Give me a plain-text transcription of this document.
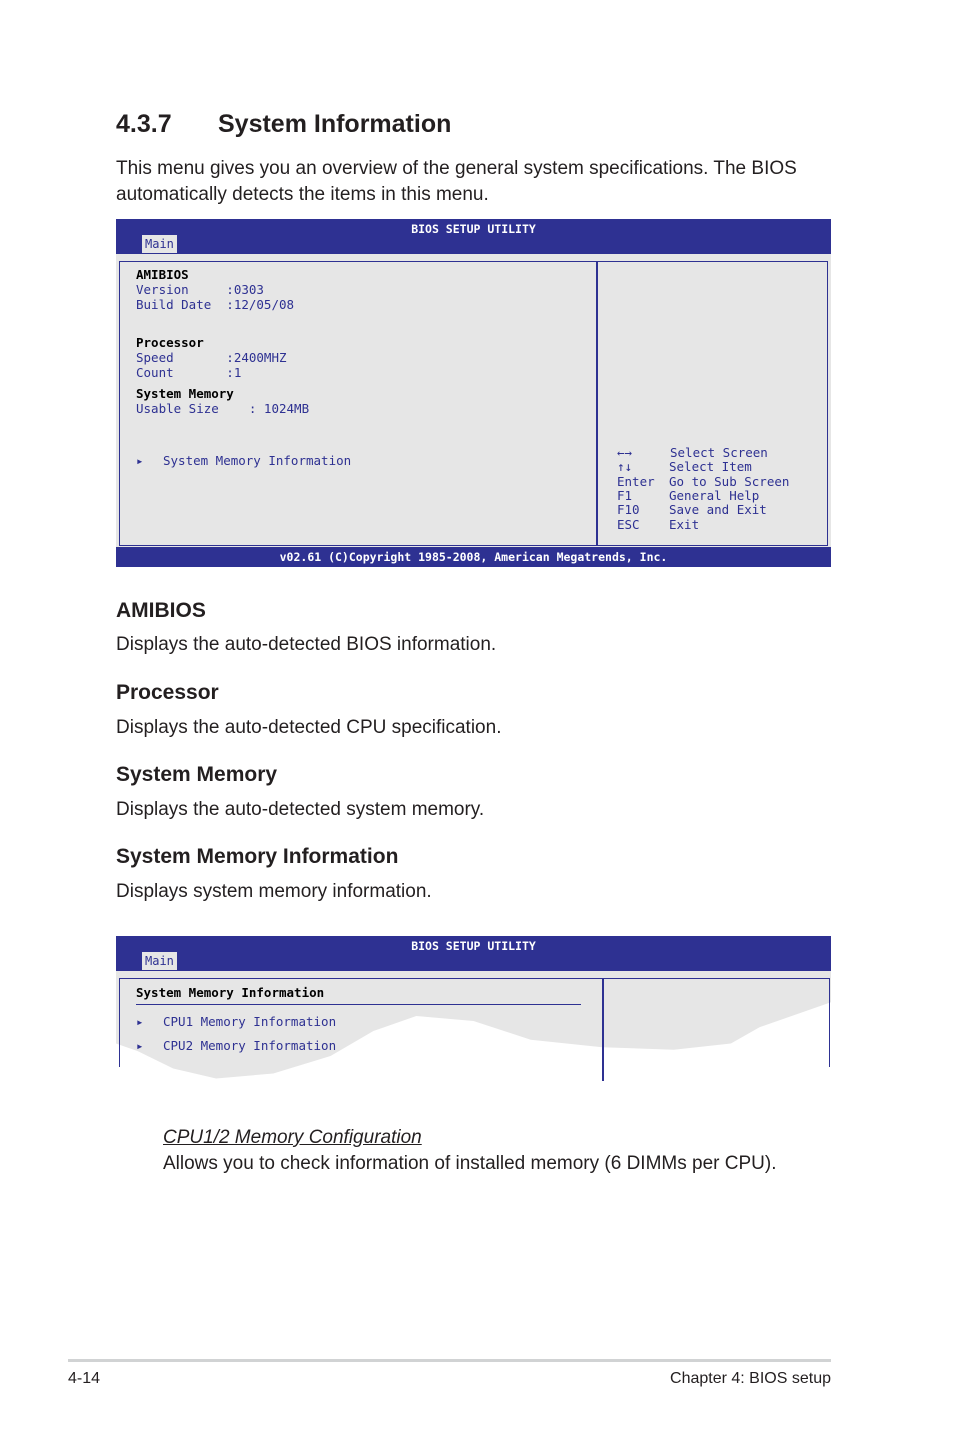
4.3.7 System Information

This menu gives you an overview of the general system specifications. The BIOS automatically detects the items in this menu.

BIOS SETUP UTILITY
Main
AMIBIOS
Version     :0303
Build Date  :12/05/08
Processor
Speed       :2400MHZ
Count       :1
System Memory
Usable Size    : 1024MB
▸ System Memory Information
←→	Select Screen
↑↓	Select Item
Enter Go to Sub Screen
F1	General Help
F10 Save and Exit
ESC Exit
v02.61 (C)Copyright 1985-2008, American Megatrends, Inc.
AMIBIOS

Displays the auto-detected BIOS information.

Processor

Displays the auto-detected CPU specification.

System Memory

Displays the auto-detected system memory.

System Memory Information

Displays system memory information.

BIOS SETUP UTILITY
Main
System Memory Information
▸ CPU1 Memory Information
▸ CPU2 Memory Information

CPU1/2 Memory Configuration

Allows you to check information of installed memory (6 DIMMs per CPU).

4-14	Chapter 4: BIOS setup
